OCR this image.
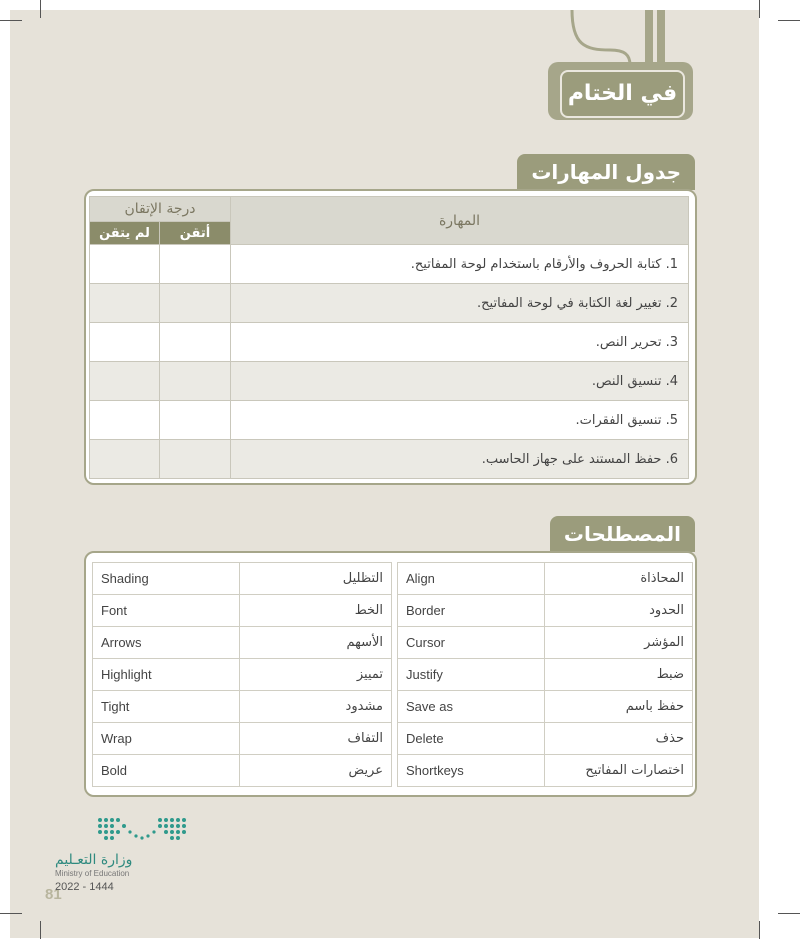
في الختام
جدول المهارات
المهارة	درجة الإتقان	
	أتقن	لم يتقن
1. كتابة الحروف والأرقام باستخدام لوحة المفاتيح.		
2. تغيير لغة الكتابة في لوحة المفاتيح.		
3. تحرير النص.		
4. تنسيق النص.		
5. تنسيق الفقرات.		
6. حفظ المستند على جهاز الحاسب.		
المصطلحات
Shading	التظليل
Font	الخط
Arrows	الأسهم
Highlight	تمييز
Tight	مشدود
Wrap	التفاف
Bold	عريض
Align	المحاذاة
Border	الحدود
Cursor	المؤشر
Justify	ضبط
Save as	حفظ باسم
Delete	حذف
Shortkeys	اختصارات المفاتيح
وزارة التعـليم
Ministry of Education
81
2022 - 1444
